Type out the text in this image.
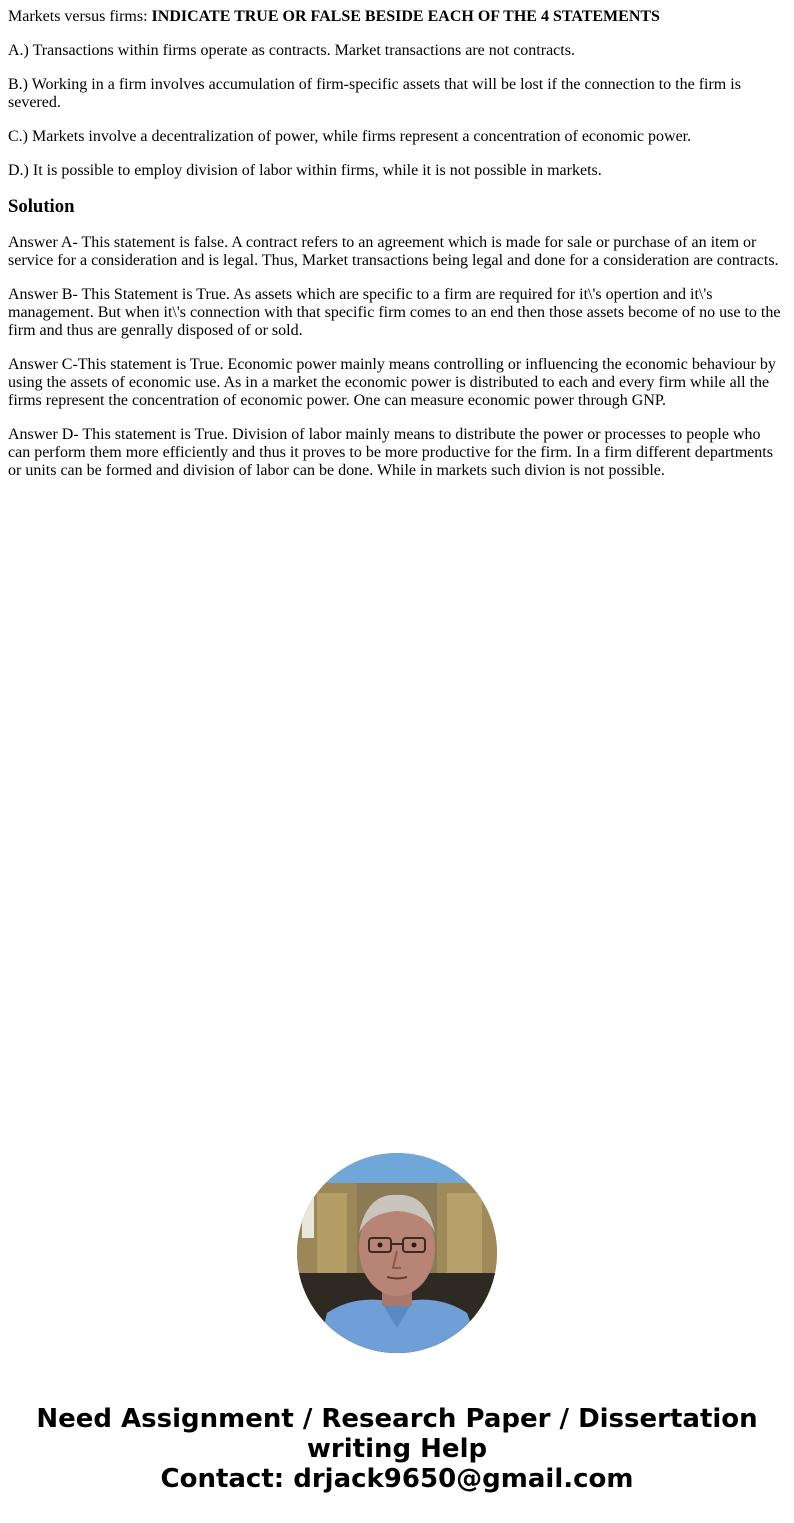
Markets versus firms: INDICATE TRUE OR FALSE BESIDE EACH OF THE 4 STATEMENTS

A.) Transactions within firms operate as contracts. Market transactions are not contracts.

B.) Working in a firm involves accumulation of firm-specific assets that will be lost if the connection to the firm is severed.

C.) Markets involve a decentralization of power, while firms represent a concentration of economic power.

D.) It is possible to employ division of labor within firms, while it is not possible in markets.

Solution

Answer A- This statement is false. A contract refers to an agreement which is made for sale or purchase of an item or service for a consideration and is legal. Thus, Market transactions being legal and done for a consideration are contracts.

Answer B- This Statement is True. As assets which are specific to a firm are required for it\'s opertion and it\'s management. But when it\'s connection with that specific firm comes to an end then those assets become of no use to the firm and thus are genrally disposed of or sold.

Answer C-This statement is True. Economic power mainly means controlling or influencing the economic behaviour by using the assets of economic use. As in a market the economic power is distributed to each and every firm while all the firms represent the concentration of economic power. One can measure economic power through GNP.

Answer D- This statement is True. Division of labor mainly means to distribute the power or processes to people who can perform them more efficiently and thus it proves to be more productive for the firm. In a firm different departments or units can be formed and division of labor can be done. While in markets such divion is not possible.

Need Assignment / Research Paper / Dissertation
writing Help
Contact: drjack9650@gmail.com
